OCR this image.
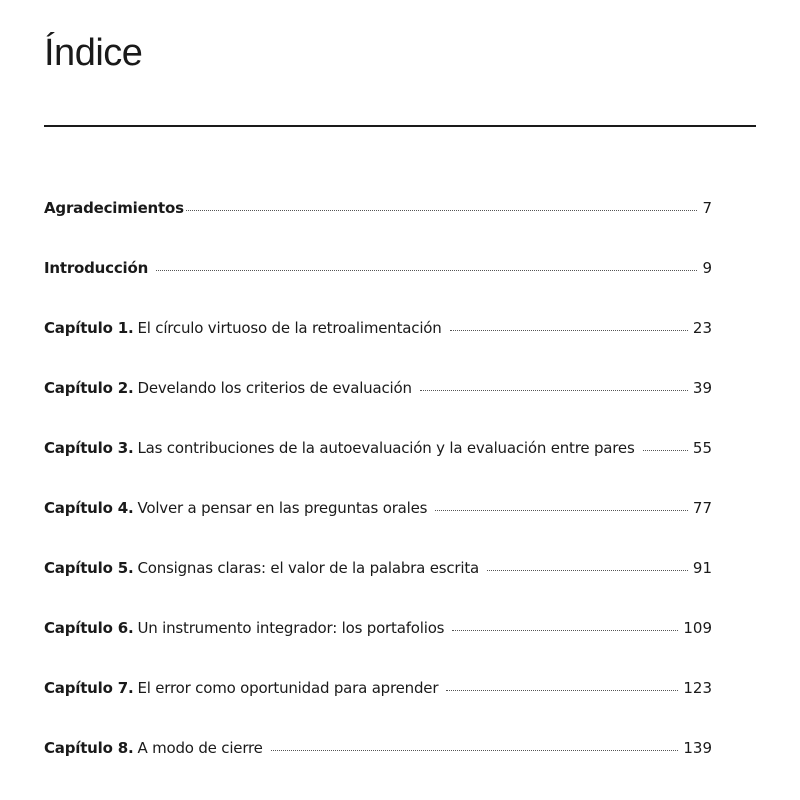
Índice
Agradecimientos	7
Introducción	9
Capítulo 1. El círculo virtuoso de la retroalimentación	23
Capítulo 2. Develando los criterios de evaluación	39
Capítulo 3. Las contribuciones de la autoevaluación y la evaluación entre pares	55
Capítulo 4. Volver a pensar en las preguntas orales	77
Capítulo 5. Consignas claras: el valor de la palabra escrita	91
Capítulo 6. Un instrumento integrador: los portafolios	109
Capítulo 7. El error como oportunidad para aprender	123
Capítulo 8. A modo de cierre	139
